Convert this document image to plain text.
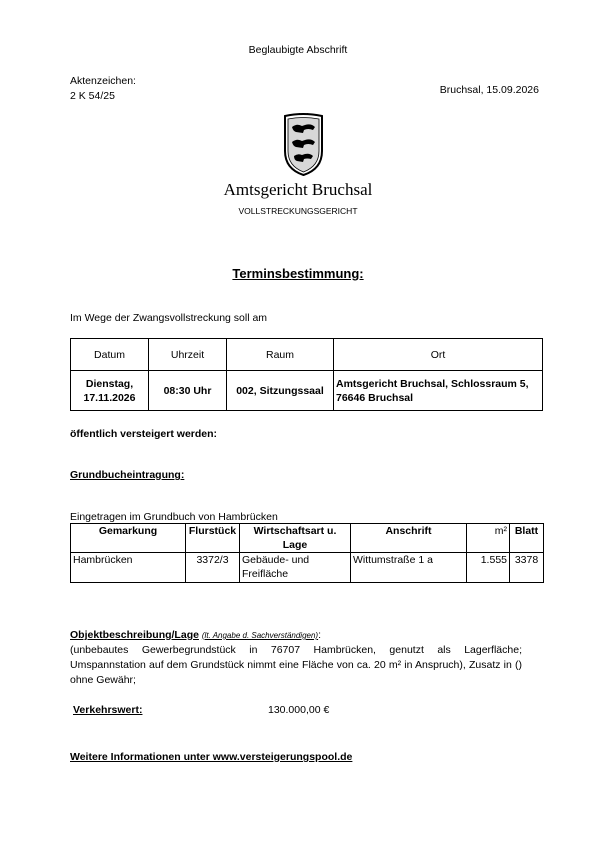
Beglaubigte Abschrift
Aktenzeichen:
2 K 54/25	Bruchsal, 15.09.2026
Amtsgericht Bruchsal
VOLLSTRECKUNGSGERICHT
Terminsbestimmung:
Im Wege der Zwangsvollstreckung soll am
Datum	Uhrzeit	Raum	Ort
Dienstag, 17.11.2026	08:30 Uhr	002, Sitzungssaal	Amtsgericht Bruchsal, Schlossraum 5, 76646 Bruchsal
öffentlich versteigert werden:
Grundbucheintragung:
Eingetragen im Grundbuch von Hambrücken
Gemarkung	Flurstück	Wirtschaftsart u. Lage	Anschrift	m²	Blatt
Hambrücken	3372/3	Gebäude- und Freifläche	Wittumstraße 1 a	1.555	3378
Objektbeschreibung/Lage (lt. Angabe d. Sachverständigen):
(unbebautes Gewerbegrundstück in 76707 Hambrücken, genutzt als Lagerfläche; Umspannstation auf dem Grundstück nimmt eine Fläche von ca. 20 m² in Anspruch), Zusatz in () ohne Gewähr;
Verkehrswert:	130.000,00 €
Weitere Informationen unter www.versteigerungspool.de
